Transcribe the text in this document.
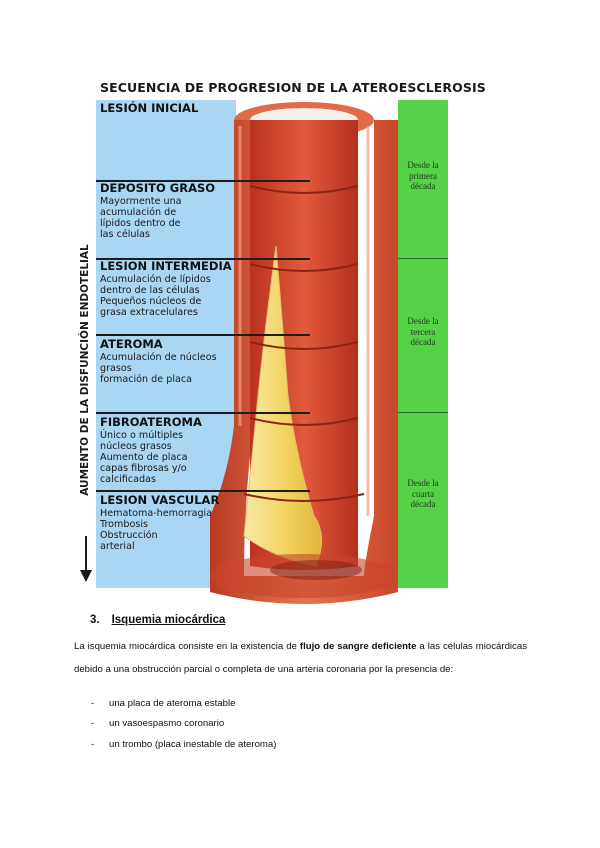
SECUENCIA DE PROGRESION DE LA ATEROESCLEROSIS
AUMENTO DE LA DISFUNCIÓN ENDOTELIAL
LESIÓN INICIAL
DEPOSITO GRASO
Mayormente una
acumulación de
lípidos dentro de
las células
LESION INTERMEDIA
Acumulación de lípidos
dentro de las células
Pequeños núcleos de
grasa extracelulares
ATEROMA
Acumulación de núcleos
grasos
formación de placa
FIBROATEROMA
Único o múltiples
núcleos grasos
Aumento de placa
capas fibrosas y/o
calcificadas
LESION VASCULAR
Hematoma-hemorragia
Trombosis
Obstrucción
arterial
Desde la
primera
década
Desde la
tercera
década
Desde la
cuarta
década
3. Isquemia miocárdica
La isquemia miocárdica consiste en la existencia de flujo de sangre deficiente a las células miocárdicas debido a una obstrucción parcial o completa de una arteria coronaria por la presencia de:
- una placa de ateroma estable
- un vasoespasmo coronario
- un trombo (placa inestable de ateroma)
